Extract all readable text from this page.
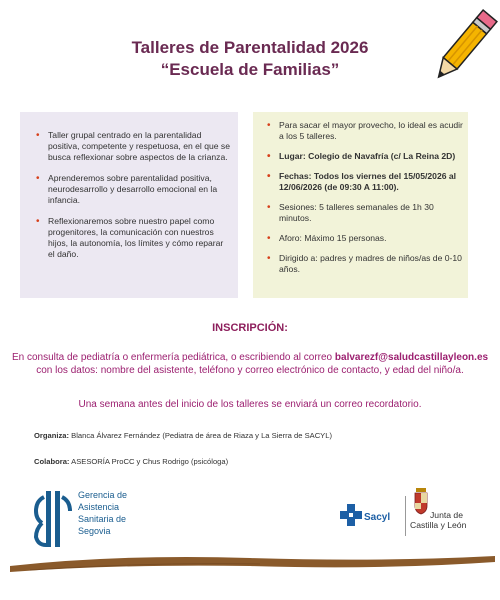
Talleres de Parentalidad 2026
“Escuela de Familias”
• Taller grupal centrado en la parentalidad positiva, competente y respetuosa, en el que se busca reflexionar sobre aspectos de la crianza.
• Aprenderemos sobre parentalidad positiva, neurodesarrollo y desarrollo emocional en la infancia.
• Reflexionaremos sobre nuestro papel como progenitores, la comunicación con nuestros hijos, la autonomía, los límites y cómo reparar el daño.
• Para sacar el mayor provecho, lo ideal es acudir a los 5 talleres.
• Lugar: Colegio de Navafría (c/ La Reina 2D)
• Fechas: Todos los viernes del 15/05/2026 al 12/06/2026 (de 09:30 A 11:00).
• Sesiones: 5 talleres semanales de 1h 30 minutos.
• Aforo: Máximo 15 personas.
• Dirigido a: padres y madres de niños/as de 0-10 años.
INSCRIPCIÓN:
En consulta de pediatría o enfermería pediátrica, o escribiendo al correo balvarezf@saludcastillayleon.es
con los datos: nombre del asistente, teléfono y correo electrónico de contacto, y edad del niño/a.
Una semana antes del inicio de los talleres se enviará un correo recordatorio.
Organiza: Blanca Álvarez Fernández (Pediatra de área de Riaza y La Sierra de SACYL)
Colabora: ASESORÍA ProCC y Chus Rodrigo (psicóloga)
Gerencia de
Asistencia
Sanitaria de
Segovia
Sacyl	Junta de
Castilla y León
